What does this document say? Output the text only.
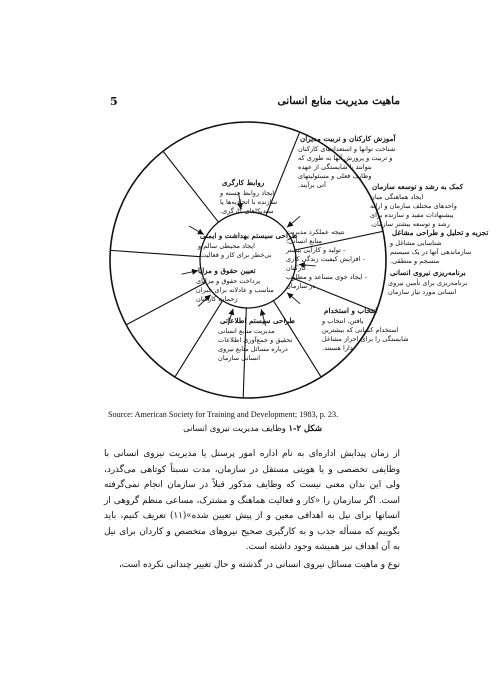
ماهیت مدیریت منابع انسانی
5
آموزش کارکنان و تربیت مدیران
شناخت توانها و استعدادهای کارکنان
و تربیت و پرورش آنها به طوری که
بتوانند با شایستگی از عهده
وظایف فعلی و مسئولیتهای
آتی برآیند.	کمک به رشد و توسعه سازمان
ایجاد هماهنگی میان
واحدهای مختلف سازمان و ارائه
پیشنهادات مفید و سازنده برای
رشد و توسعه بیشتر سازمان.
تجزیه و تحلیل و طراحی مشاغل
شناسایی مشاغل و
سازماندهی آنها در یک سیستم
منسجم و منطقی.
برنامه‌ریزی نیروی انسانی
برنامه‌ریزی برای تأمین نیروی
انسانی مورد نیاز سازمان
انتخاب و استخدام
یافتن، انتخاب و
استخدام کسانی که بیشترین
شایستگی را برای احراز مشاغل
دارا هستند.
طراحی سیستم اطلاعاتی
مدیریت منابع انسانی
تحقیق و جمع‌آوری اطلاعات
درباره مسائل منابع نیروی
انسانی سازمان
تعیین حقوق و مزایا
پرداخت حقوق و مزایای
مناسب و عادلانه برای جبران
زحمات کارکنان
طراحی سیستم بهداشت و ایمنی
ایجاد محیطی سالم و
بی‌خطر برای کار و فعالیت.
روابط کارگری
ایجاد روابط حسنه و
سازنده با اتحادیه‌ها یا
سندیکاهای کارگری.
نتیجه عملکرد مدیریت
منابع انسانی:
- تولید و کارآیی بیشتر
- افزایش کیفیت زندگی کاری
کارکنان
- ایجاد جوی مساعد و مطلوب
در سازمان
Source: American Society for Training and Development; 1983, p. 23.
شکل ۲-۱ وظایف مدیریت نیروی انسانی

از زمان پیدایش اداره‌ای به نام اداره امور پرسنل یا مدیریت نیروی انسانی با وظایفی تخصصی و یا هویتی مستقل در سازمان، مدت نسبتاً کوتاهی می‌گذرد، ولی این بدان معنی نیست که وظایف مذکور قبلاً در سازمان انجام نمی‌گرفته است. اگر سازمان را «کار و فعالیت هماهنگ و مشترک، مساعی منظم گروهی از انسانها برای نیل به اهدافی معین و از پیش تعیین شده»(۱۱) تعریف کنیم، باید بگوییم که مسأله جذب و به کارگیری صحیح نیروهای متخصص و کاردان برای نیل به آن اهداف نیز همیشه وجود داشته است.

نوع و ماهیت مسائل نیروی انسانی در گذشته و حال تغییر چندانی نکرده است،
